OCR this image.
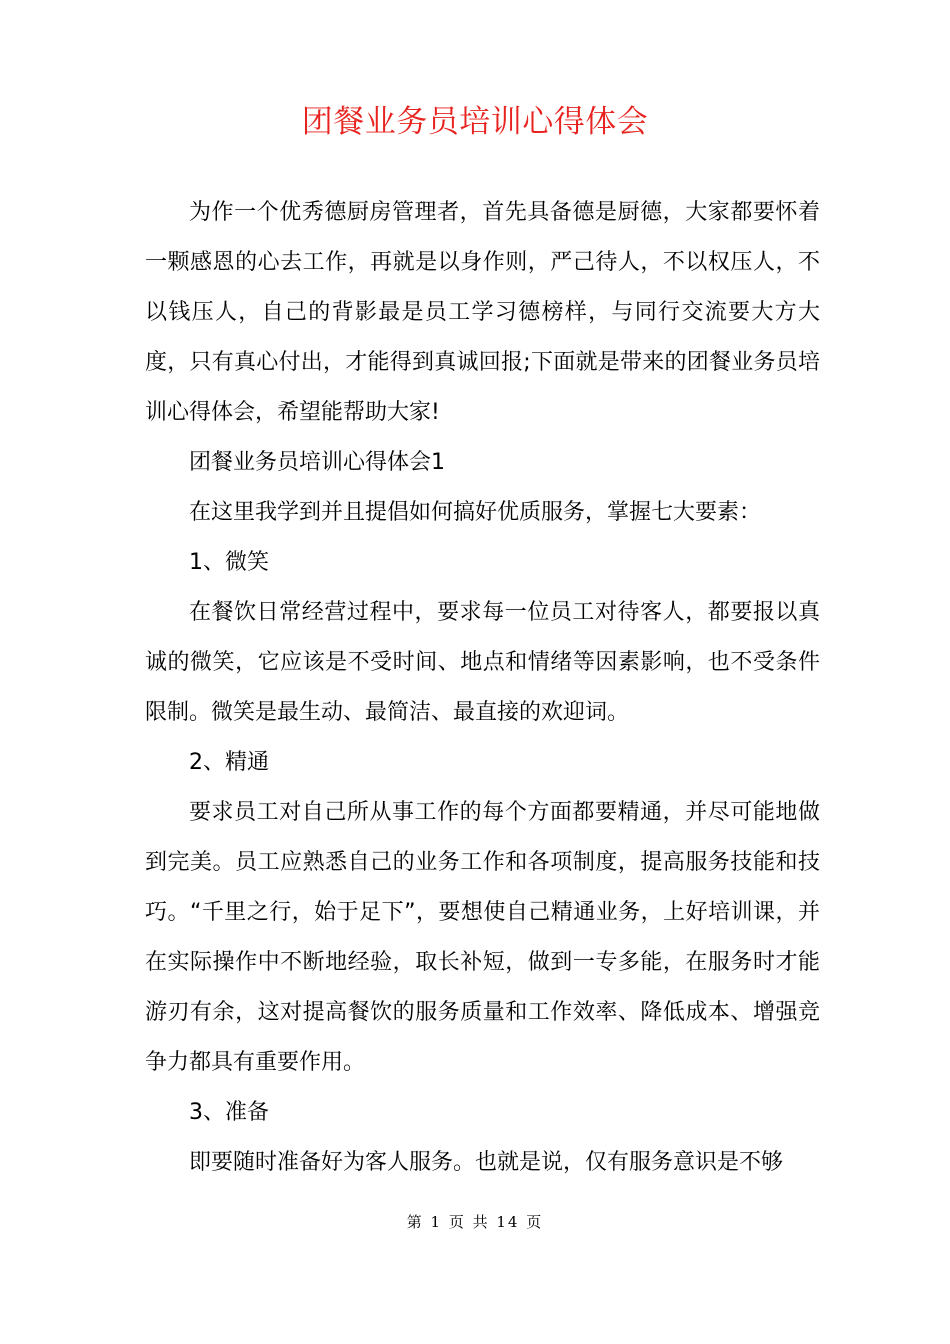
团餐业务员培训心得体会

为作一个优秀德厨房管理者，首先具备德是厨德，大家都要怀着一颗感恩的心去工作，再就是以身作则，严己待人，不以权压人，不以钱压人，自己的背影最是员工学习德榜样，与同行交流要大方大度，只有真心付出，才能得到真诚回报;下面就是带来的团餐业务员培训心得体会，希望能帮助大家!

团餐业务员培训心得体会1

在这里我学到并且提倡如何搞好优质服务，掌握七大要素：

1、微笑

在餐饮日常经营过程中，要求每一位员工对待客人，都要报以真诚的微笑，它应该是不受时间、地点和情绪等因素影响，也不受条件限制。微笑是最生动、最简洁、最直接的欢迎词。

2、精通

要求员工对自己所从事工作的每个方面都要精通，并尽可能地做到完美。员工应熟悉自己的业务工作和各项制度，提高服务技能和技巧。“千里之行，始于足下”，要想使自己精通业务，上好培训课，并在实际操作中不断地经验，取长补短，做到一专多能，在服务时才能游刃有余，这对提高餐饮的服务质量和工作效率、降低成本、增强竞争力都具有重要作用。

3、准备

即要随时准备好为客人服务。也就是说，仅有服务意识是不够

第 1 页 共 14 页
